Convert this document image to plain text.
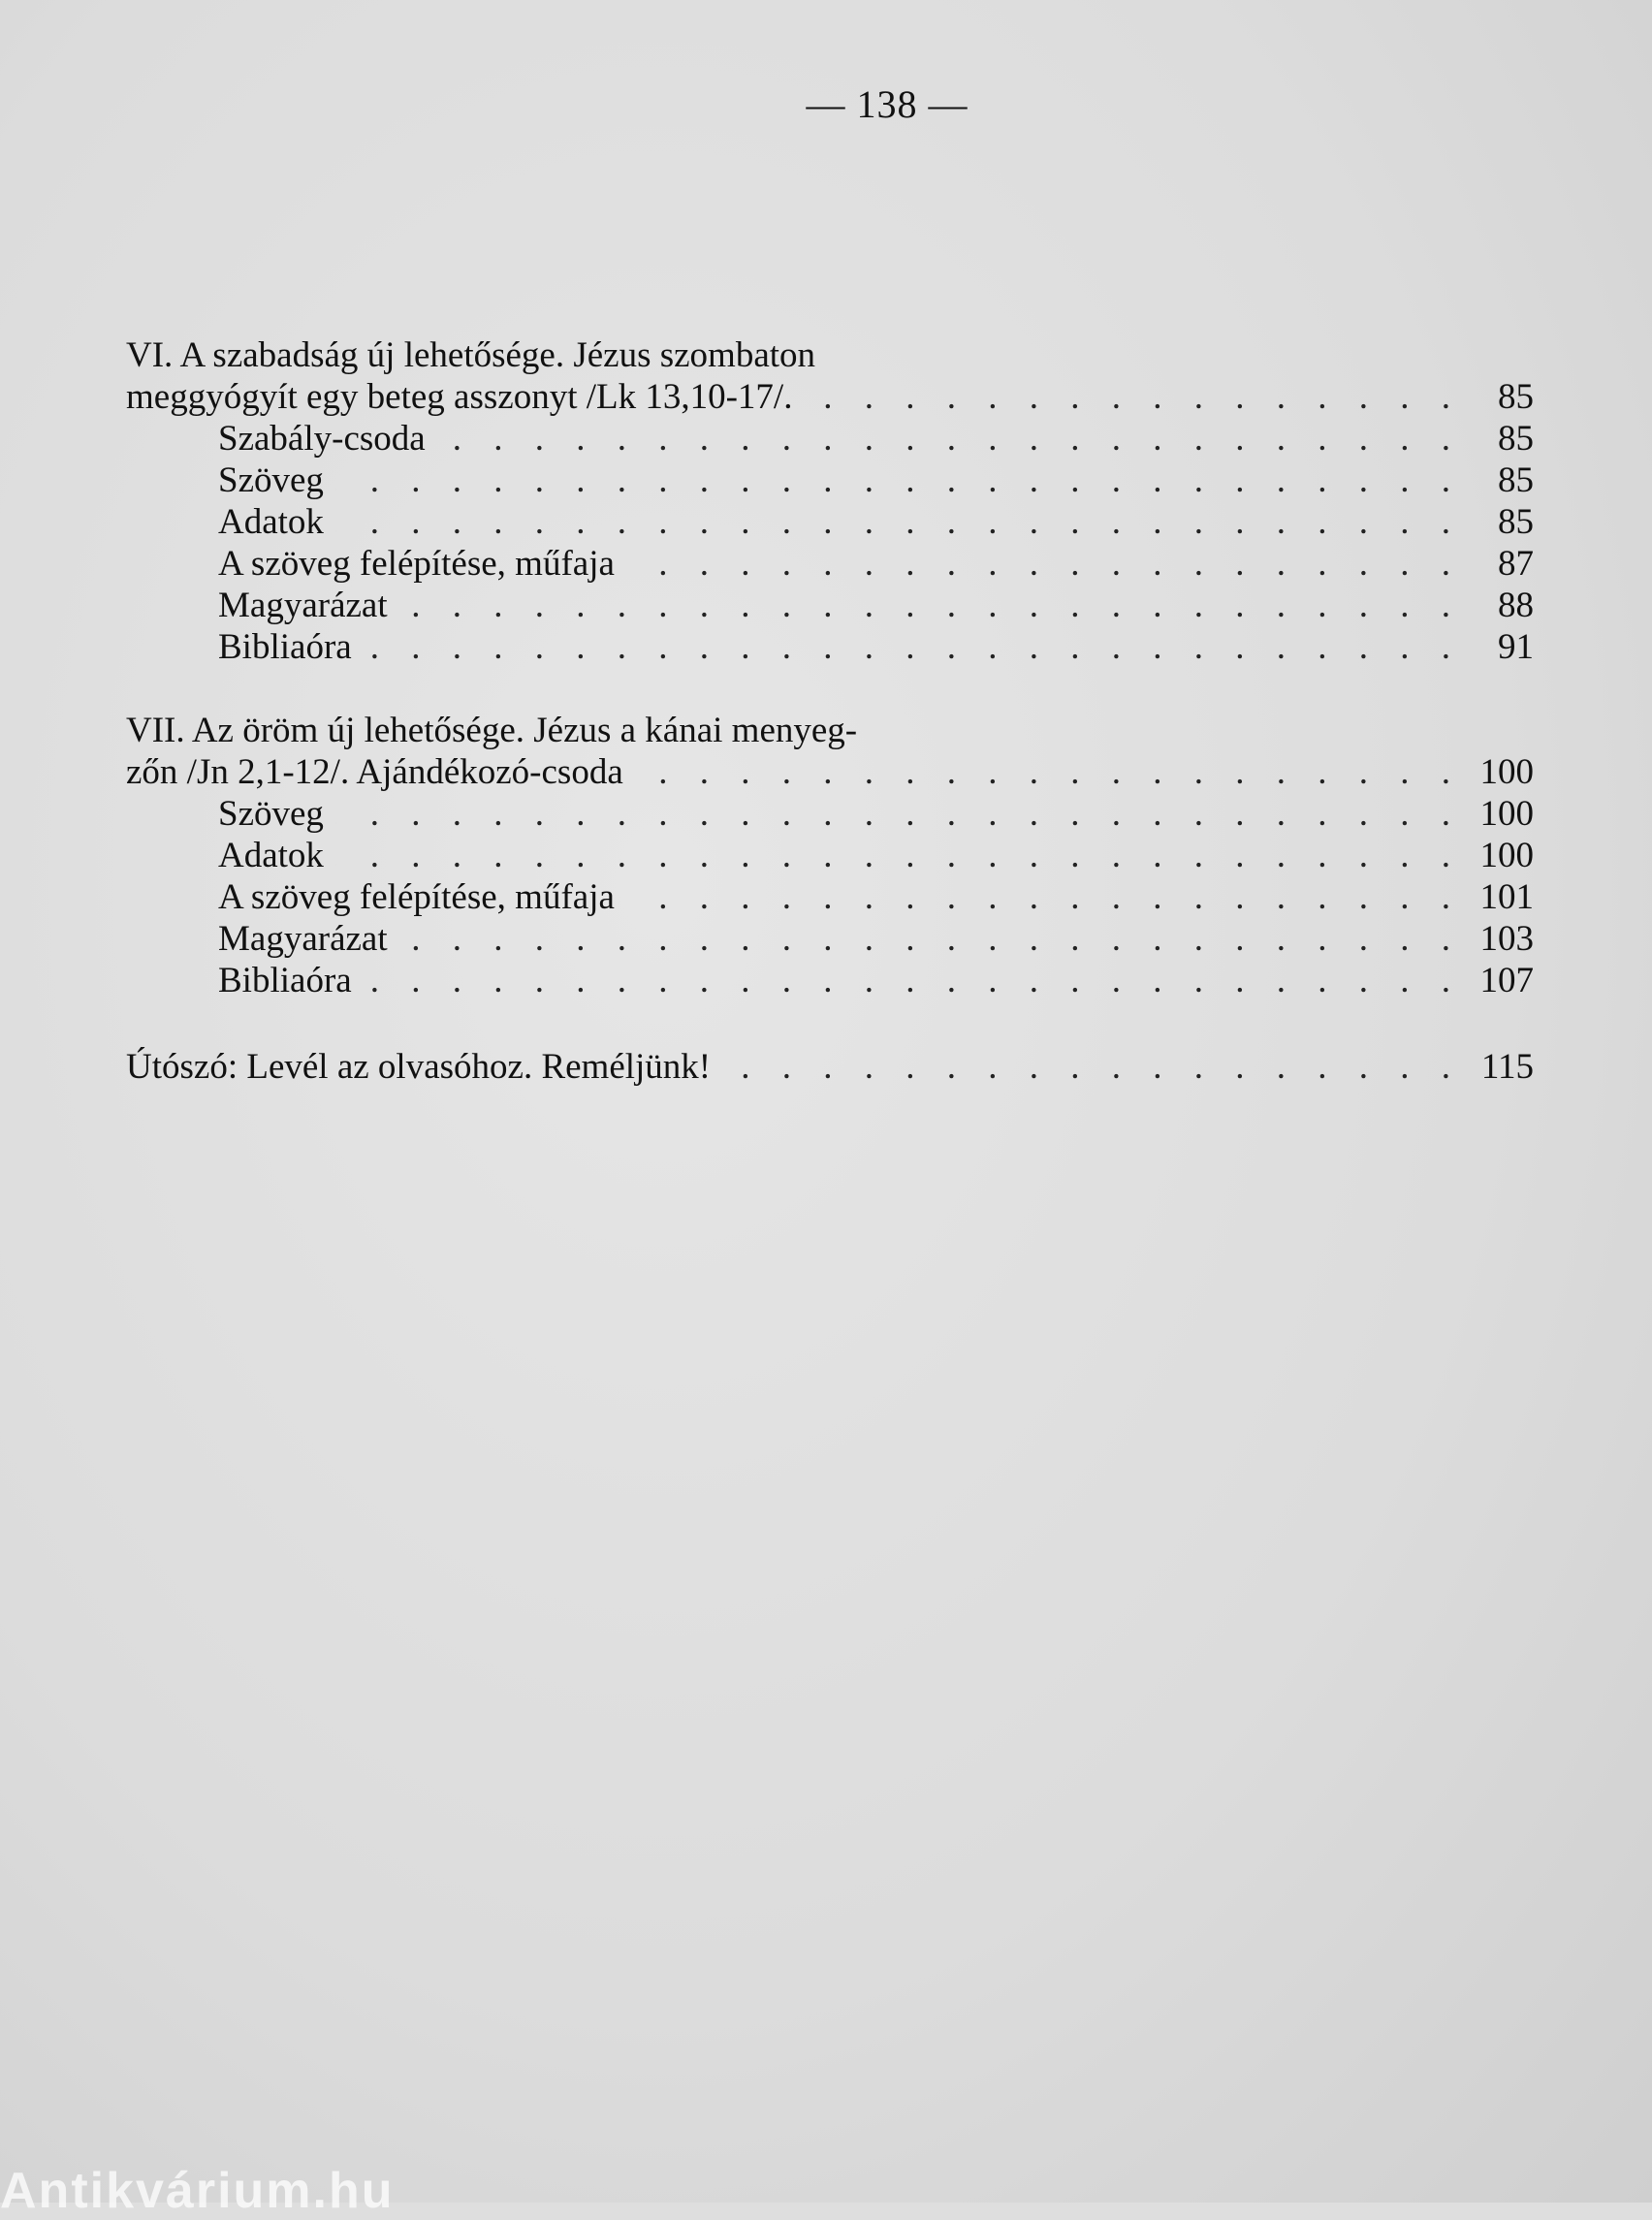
— 138 —
VI. A szabadság új lehetősége. Jézus szombaton
meggyógyít egy beteg asszonyt /Lk 13,10-17/. . . .	85
Szabály-csoda . . .	85
Szöveg . . .	85
Adatok . . .	85
A szöveg felépítése, műfaja . . .	87
Magyarázat . . .	88
Bibliaóra . . .	91
VII. Az öröm új lehetősége. Jézus a kánai menyeg-
zőn /Jn 2,1-12/. Ajándékozó-csoda . . .	100
Szöveg . . .	100
Adatok . . .	100
A szöveg felépítése, műfaja . . .	101
Magyarázat . . .	103
Bibliaóra . . .	107
Útószó: Levél az olvasóhoz. Reméljünk! . . .	115
Antikvárium.hu
